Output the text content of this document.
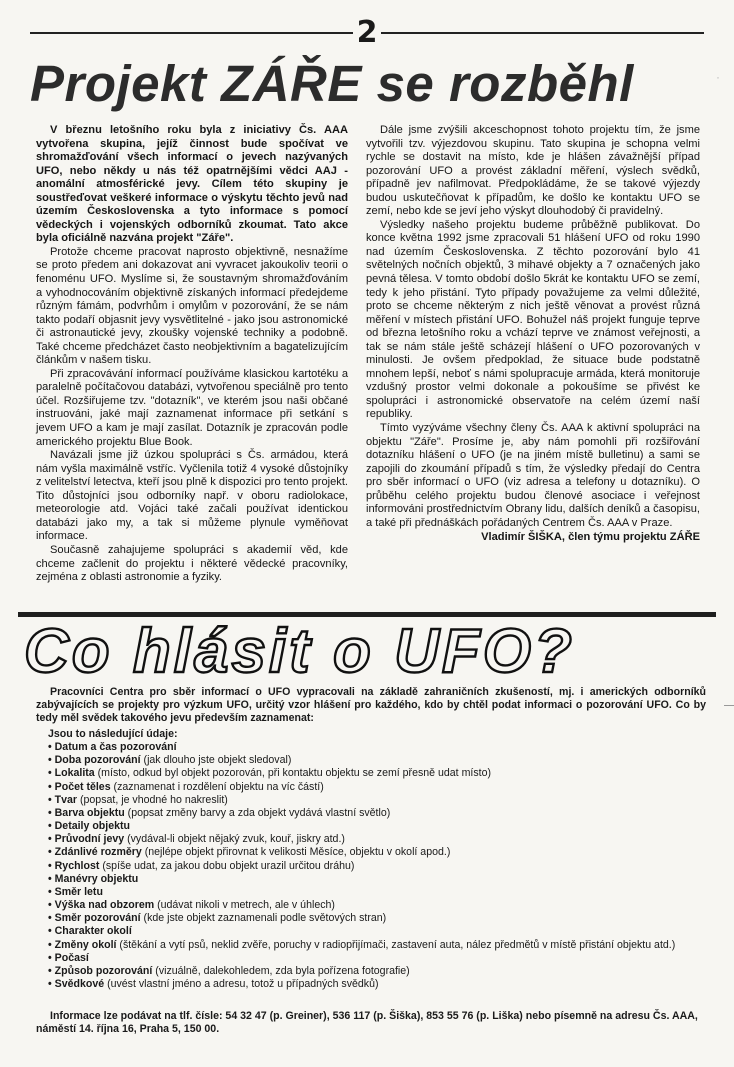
2
·
Projekt ZÁŘE se rozběhl

V březnu letošního roku byla z iniciativy Čs. AAA vytvořena skupina, jejíž činnost bude spočívat ve shromažďování všech informací o jevech nazývaných UFO, nebo někdy u nás též opatrnějšími vědci AAJ - anomální atmosférické jevy. Cílem této skupiny je soustřeďovat veškeré informace o výskytu těchto jevů nad územím Československa a tyto informace s pomocí vědeckých i vojenských odborníků zkoumat. Tato akce byla oficiálně nazvána projekt "Záře".

Protože chceme pracovat naprosto objektivně, nesnažíme se proto předem ani dokazovat ani vyvracet jakoukoliv teorii o fenoménu UFO. Myslíme si, že soustavným shromažďováním a vyhodnocováním objektivně získaných informací předejdeme různým fámám, podvrhům i omylům v pozorování, že se nám takto podaří objasnit jevy vysvětlitelné - jako jsou astronomické či astronautické jevy, zkoušky vojenské techniky a podobně. Také chceme předcházet často neobjektivním a bagatelizujícím článkům v našem tisku.

Při zpracovávání informací používáme klasickou kartotéku a paralelně počítačovou databázi, vytvořenou speciálně pro tento účel. Rozšiřujeme tzv. "dotazník", ve kterém jsou naši občané instruováni, jaké mají zaznamenat informace při setkání s jevem UFO a kam je mají zasílat. Dotazník je zpracován podle amerického projektu Blue Book.

Navázali jsme již úzkou spolupráci s Čs. armádou, která nám vyšla maximálně vstříc. Vyčlenila totiž 4 vysoké důstojníky z velitelství letectva, kteří jsou plně k dispozici pro tento projekt. Tito důstojníci jsou odborníky např. v oboru radiolokace, meteorologie atd. Vojáci také začali používat identickou databázi jako my, a tak si můžeme plynule vyměňovat informace.

Současně zahajujeme spolupráci s akademií věd, kde chceme začlenit do projektu i některé vědecké pracovníky, zejména z oblasti astronomie a fyziky.

Dále jsme zvýšili akceschopnost tohoto projektu tím, že jsme vytvořili tzv. výjezdovou skupinu. Tato skupina je schopna velmi rychle se dostavit na místo, kde je hlášen závažnější případ pozorování UFO a provést základní měření, výslech svědků, případně jev nafilmovat. Předpokládáme, že se takové výjezdy budou uskutečňovat k případům, ke došlo ke kontaktu UFO se zemí, nebo kde se jeví jeho výskyt dlouhodobý či pravidelný.

Výsledky našeho projektu budeme průběžně publikovat. Do konce května 1992 jsme zpracovali 51 hlášení UFO od roku 1990 nad územím Československa. Z těchto pozorování bylo 41 světelných nočních objektů, 3 mihavé objekty a 7 označených jako pevná tělesa. V tomto období došlo 5krát ke kontaktu UFO se zemí, tedy k jeho přistání. Tyto případy považujeme za velmi důležité, proto se chceme některým z nich ještě věnovat a provést různá měření v místech přistání UFO. Bohužel náš projekt funguje teprve od března letošního roku a vchází teprve ve známost veřejnosti, a tak se nám stále ještě scházejí hlášení o UFO pozorovaných v minulosti. Je ovšem předpoklad, že situace bude podstatně mnohem lepší, neboť s námi spolupracuje armáda, která monitoruje vzdušný prostor velmi dokonale a pokoušíme se přivést ke spolupráci i astronomické observatoře na celém území naší republiky.

Tímto vyzýváme všechny členy Čs. AAA k aktivní spolupráci na objektu "Záře". Prosíme je, aby nám pomohli při rozšiřování dotazníku hlášení o UFO (je na jiném místě bulletinu) a sami se zapojili do zkoumání případů s tím, že výsledky předají do Centra pro sběr informací o UFO (viz adresa a telefony u dotazníku). O průběhu celého projektu budou členové asociace i veřejnost informováni prostřednictvím Obrany lidu, dalších deníků a časopisu, a také při přednáškách pořádaných Centrem Čs. AAA v Praze.

Vladimír ŠIŠKA, člen týmu projektu ZÁŘE
Co hlásit o UFO?

Pracovníci Centra pro sběr informací o UFO vypracovali na základě zahraničních zkušeností, mj. i amerických odborníků zabývajících se projekty pro výzkum UFO, určitý vzor hlášení pro každého, kdo by chtěl podat informaci o pozorování UFO. Co by tedy měl svědek takového jevu především zaznamenat:

Jsou to následující údaje:
• Datum a čas pozorování
• Doba pozorování (jak dlouho jste objekt sledoval)
• Lokalita (místo, odkud byl objekt pozorován, při kontaktu objektu se zemí přesně udat místo)
• Počet těles (zaznamenat i rozdělení objektu na víc částí)
• Tvar (popsat, je vhodné ho nakreslit)
• Barva objektu (popsat změny barvy a zda objekt vydává vlastní světlo)
• Detaily objektu
• Průvodní jevy (vydával-li objekt nějaký zvuk, kouř, jiskry atd.)
• Zdánlivé rozměry (nejlépe objekt přirovnat k velikosti Měsíce, objektu v okolí apod.)
• Rychlost (spíše udat, za jakou dobu objekt urazil určitou dráhu)
• Manévry objektu
• Směr letu
• Výška nad obzorem (udávat nikoli v metrech, ale v úhlech)
• Směr pozorování (kde jste objekt zaznamenali podle světových stran)
• Charakter okolí
• Změny okolí (štěkání a vytí psů, neklid zvěře, poruchy v radiopřijímači, zastavení auta, nález předmětů v místě přistání objektu atd.)
• Počasí
• Způsob pozorování (vizuálně, dalekohledem, zda byla pořízena fotografie)
• Svědkové (uvést vlastní jméno a adresu, totož u případných svědků)

Informace lze podávat na tlf. čísle: 54 32 47 (p. Greiner), 536 117 (p. Šiška), 853 55 76 (p. Liška) nebo písemně na adresu Čs. AAA, náměstí 14. října 16, Praha 5, 150 00.
